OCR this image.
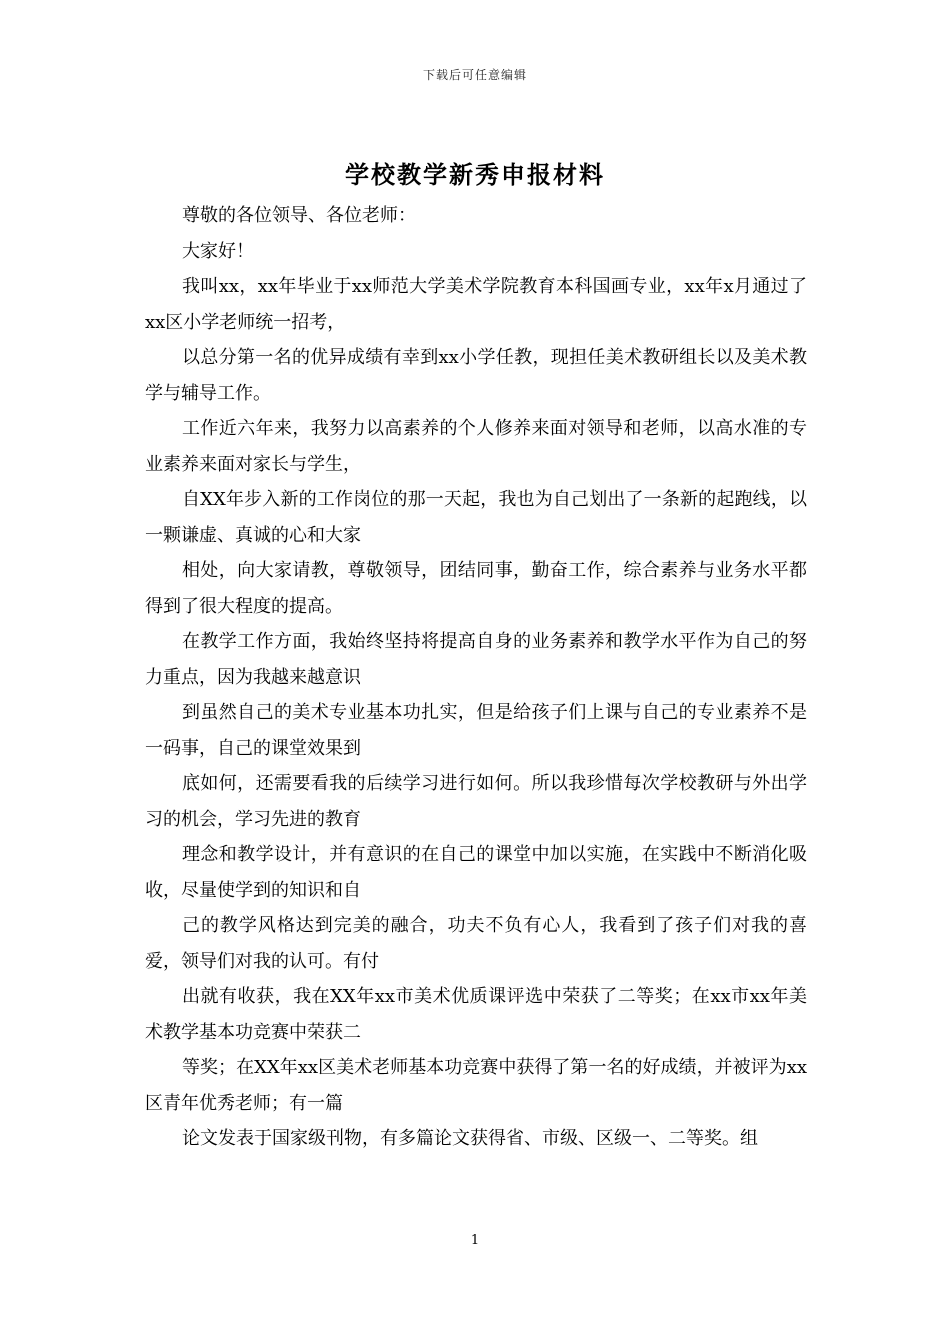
下载后可任意编辑
学校教学新秀申报材料

尊敬的各位领导、各位老师：

大家好！

我叫xx，xx年毕业于xx师范大学美术学院教育本科国画专业，xx年x月通过了xx区小学老师统一招考，

以总分第一名的优异成绩有幸到xx小学任教，现担任美术教研组长以及美术教学与辅导工作。

工作近六年来，我努力以高素养的个人修养来面对领导和老师，以高水准的专业素养来面对家长与学生，

自XX年步入新的工作岗位的那一天起，我也为自己划出了一条新的起跑线，以一颗谦虚、真诚的心和大家

相处，向大家请教，尊敬领导，团结同事，勤奋工作，综合素养与业务水平都得到了很大程度的提高。

在教学工作方面，我始终坚持将提高自身的业务素养和教学水平作为自己的努力重点，因为我越来越意识

到虽然自己的美术专业基本功扎实，但是给孩子们上课与自己的专业素养不是一码事，自己的课堂效果到

底如何，还需要看我的后续学习进行如何。所以我珍惜每次学校教研与外出学习的机会，学习先进的教育

理念和教学设计，并有意识的在自己的课堂中加以实施，在实践中不断消化吸收，尽量使学到的知识和自

己的教学风格达到完美的融合，功夫不负有心人，我看到了孩子们对我的喜爱，领导们对我的认可。有付

出就有收获，我在XX年xx市美术优质课评选中荣获了二等奖；在xx市xx年美术教学基本功竞赛中荣获二

等奖；在XX年xx区美术老师基本功竞赛中获得了第一名的好成绩，并被评为xx区青年优秀老师；有一篇

论文发表于国家级刊物，有多篇论文获得省、市级、区级一、二等奖。组

1
